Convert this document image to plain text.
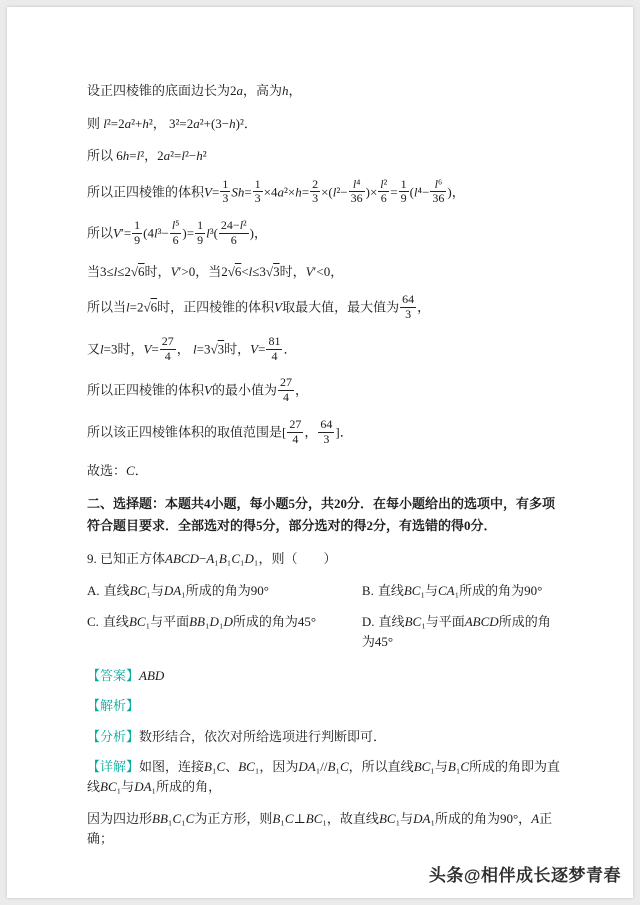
设正四棱锥的底面边长为2a，高为h，

则 l²=2a²+h²， 3²=2a²+(3−h)²．

所以 6h=l²，2a²=l²−h²

所以正四棱锥的体积$V= \frac{1}{3} Sh= \frac{1}{3} \times 4a^2\times h= \frac{2}{3} \times(l^2- \frac{\text{l⁴}}{36}$ )× $\frac{\text{l²}}{6} = \frac{1}{9} (l^4- \frac{\text{l⁶}}{36}$ )，

所以$V'= \frac{1}{9} (4l^3- \frac{\text{l⁵}}{6}$ )= $\frac{1}{9} l^3( \frac{\text{24−l²}}{6}$ )，

当3≤l≤2√6时，V′>0，当2√6<l≤3√3时，V′<0，

所以当l=2√6时，正四棱锥的体积V取最大值，最大值为 $\frac{64}{3}$ ，

又l=3时，$V= \frac{27}{4}$ ， l=3√3时，$V= \frac{81}{4}$ ．

所以正四棱锥的体积V的最小值为 $\frac{27}{4}$ ，

所以该正四棱锥体积的取值范围是[ $\frac{27}{4}$ ， $\frac{64}{3}$ ]．

故选：C．

二、选择题：本题共4小题，每小题5分，共20分．在每小题给出的选项中，有多项符合题目要求．全部选对的得5分，部分选对的得2分，有选错的得0分．

9. 已知正方体ABCD−A₁B₁C₁D₁，则（　　）

A. 直线BC₁与DA₁所成的角为90°	B. 直线BC₁与CA₁所成的角为90°

C. 直线BC₁与平面BB₁D₁D所成的角为45°	D. 直线BC₁与平面ABCD所成的角为45°

【答案】ABD

【解析】

【分析】数形结合，依次对所给选项进行判断即可．

【详解】如图，连接B₁C、BC₁，因为DA₁//B₁C，所以直线BC₁与B₁C所成的角即为直线BC₁与DA₁所成的角，

因为四边形BB₁C₁C为正方形，则B₁C⊥BC₁，故直线BC₁与DA₁所成的角为90°，A正确；

头条@相伴成长逐梦青春
